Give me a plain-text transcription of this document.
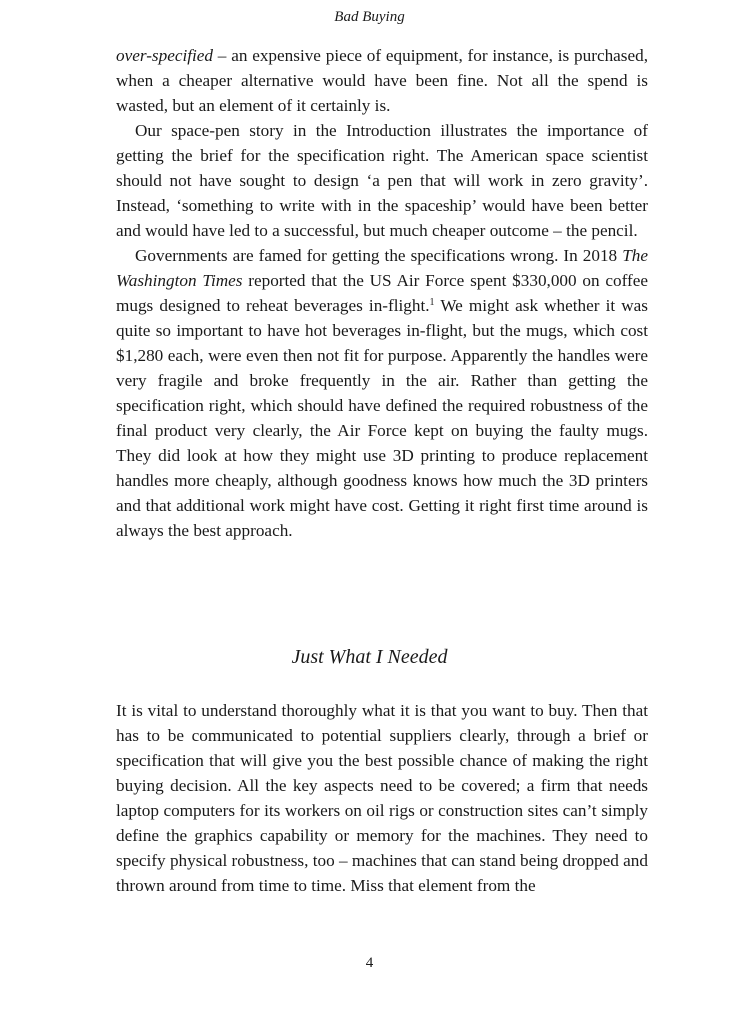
Bad Buying

over-specified – an expensive piece of equipment, for instance, is purchased, when a cheaper alternative would have been fine. Not all the spend is wasted, but an element of it certainly is.

Our space-pen story in the Introduction illustrates the importance of getting the brief for the specification right. The American space scientist should not have sought to design ‘a pen that will work in zero gravity’. Instead, ‘something to write with in the spaceship’ would have been better and would have led to a successful, but much cheaper outcome – the pencil.

Governments are famed for getting the specifications wrong. In 2018 The Washington Times reported that the US Air Force spent $330,000 on coffee mugs designed to reheat beverages in-flight.$^1$ We might ask whether it was quite so important to have hot beverages in-flight, but the mugs, which cost $1,280 each, were even then not fit for purpose. Apparently the handles were very fragile and broke frequently in the air. Rather than getting the specification right, which should have defined the required robustness of the final product very clearly, the Air Force kept on buying the faulty mugs. They did look at how they might use 3D printing to produce replacement handles more cheaply, although goodness knows how much the 3D printers and that additional work might have cost. Getting it right first time around is always the best approach.

Just What I Needed

It is vital to understand thoroughly what it is that you want to buy. Then that has to be communicated to potential suppliers clearly, through a brief or specification that will give you the best possible chance of making the right buying decision. All the key aspects need to be covered; a firm that needs laptop computers for its workers on oil rigs or construction sites can’t simply define the graphics capability or memory for the machines. They need to specify physical robustness, too – machines that can stand being dropped and thrown around from time to time. Miss that element from the

4
